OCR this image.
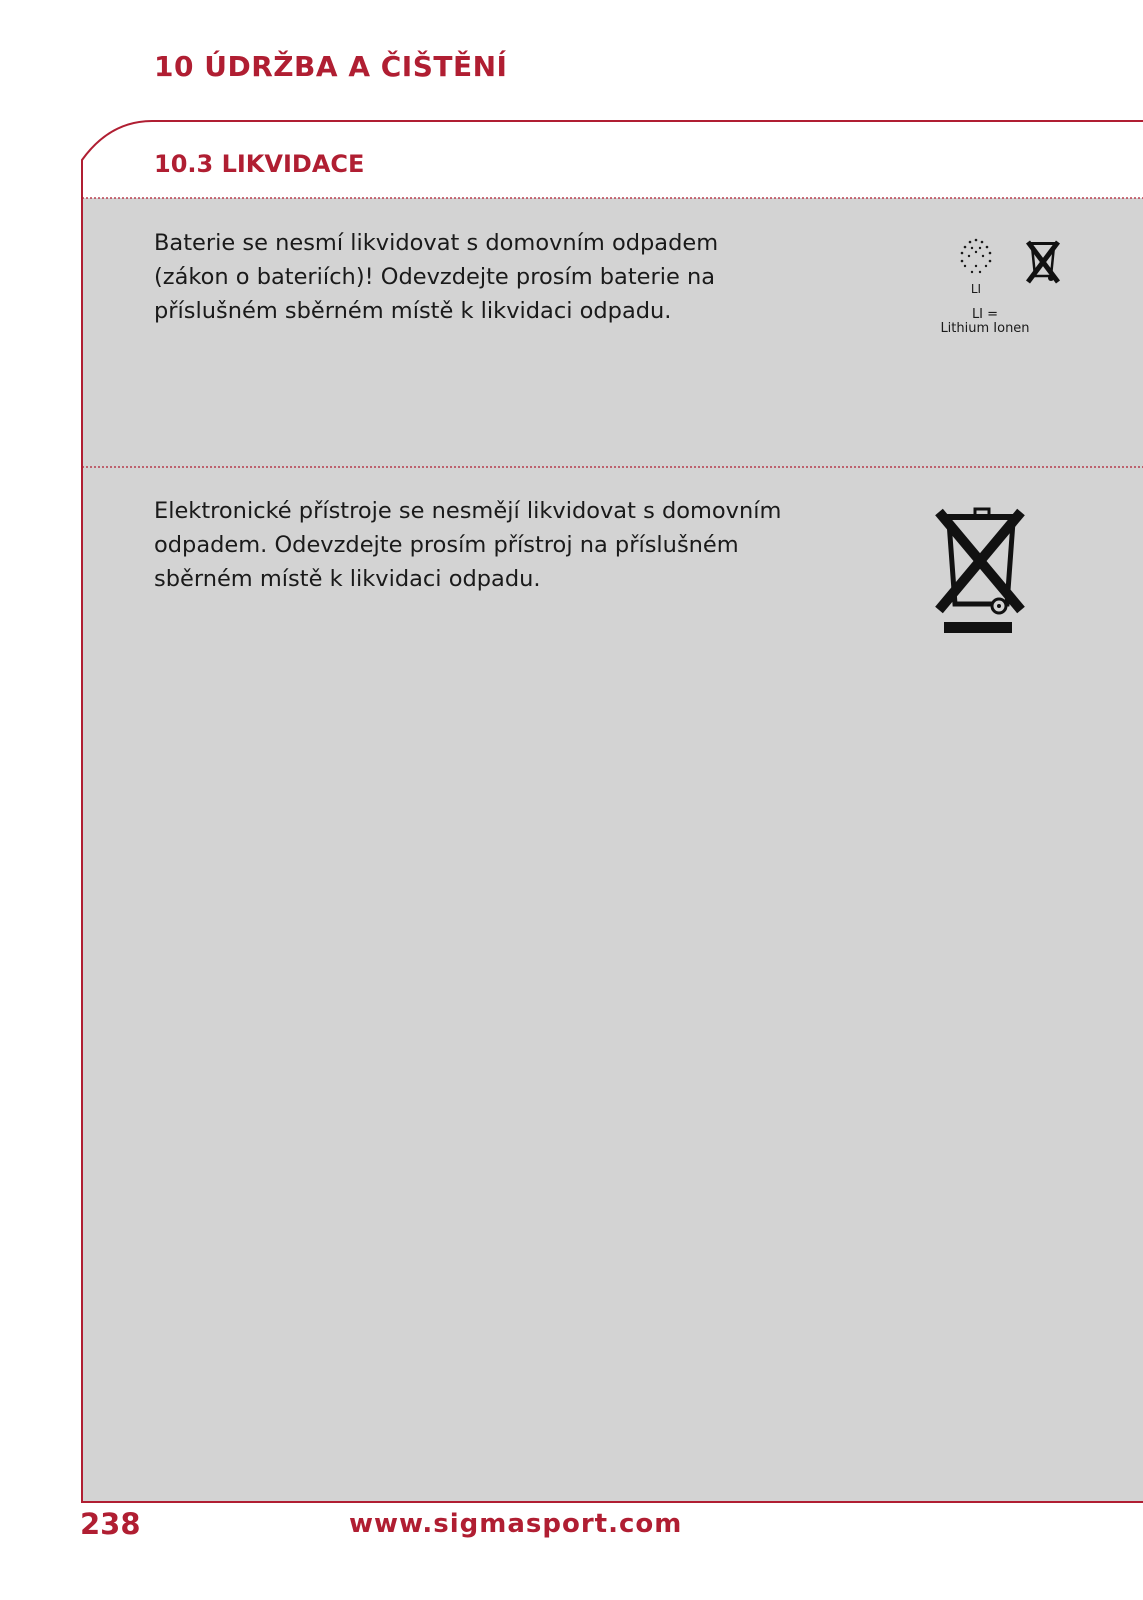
10 ÚDRŽBA A ČIŠTĚNÍ
10.3 LIKVIDACE
Baterie se nesmí likvidovat s domovním odpadem
(zákon o bateriích)! Odevzdejte prosím baterie na
příslušném sběrném místě k likvidaci odpadu.
LI
LI =
Lithium Ionen
Elektronické přístroje se nesmějí likvidovat s domovním
odpadem. Odevzdejte prosím přístroj na příslušném
sběrném místě k likvidaci odpadu.
238	www.sigmasport.com
